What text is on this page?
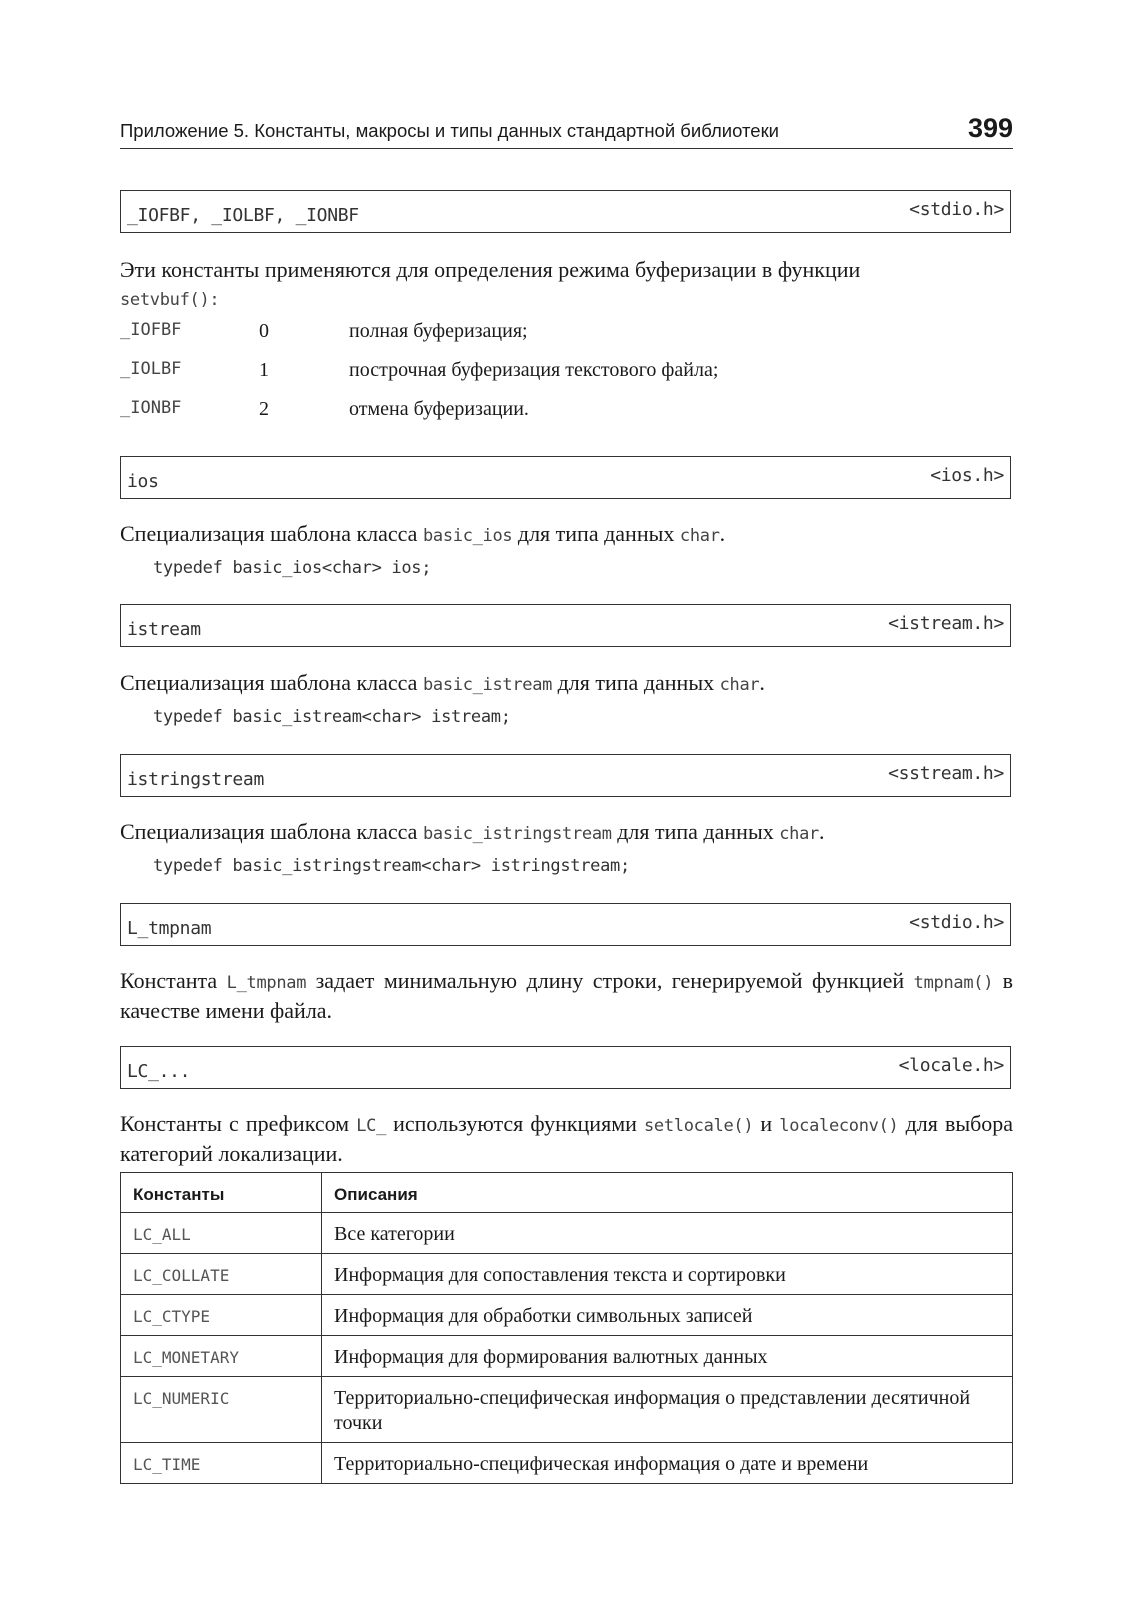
Приложение 5. Константы, макросы и типы данных стандартной библиотеки	399
_IOFBF, _IOLBF, _IONBF	<stdio.h>
Эти константы применяются для определения режима буферизации в функции
setvbuf():
_IOFBF	0	полная буферизация;
_IOLBF	1	построчная буферизация текстового файла;
_IONBF	2	отмена буферизации.
ios	<ios.h>
Специализация шаблона класса basic_ios для типа данных char.
typedef basic_ios<char> ios;
istream	<istream.h>
Специализация шаблона класса basic_istream для типа данных char.
typedef basic_istream<char> istream;
istringstream	<sstream.h>
Специализация шаблона класса basic_istringstream для типа данных char.
typedef basic_istringstream<char> istringstream;
L_tmpnam	<stdio.h>
Константа L_tmpnam задает минимальную длину строки, генерируемой функцией tmpnam() в качестве имени файла.
LC_...	<locale.h>
Константы с префиксом LC_ используются функциями setlocale() и localeconv() для выбора категорий локализации.
Константы	Описания
LC_ALL	Все категории
LC_COLLATE	Информация для сопоставления текста и сортировки
LC_CTYPE	Информация для обработки символьных записей
LC_MONETARY	Информация для формирования валютных данных
LC_NUMERIC	Территориально-специфическая информация о представлении десятичной точки
LC_TIME	Территориально-специфическая информация о дате и времени
